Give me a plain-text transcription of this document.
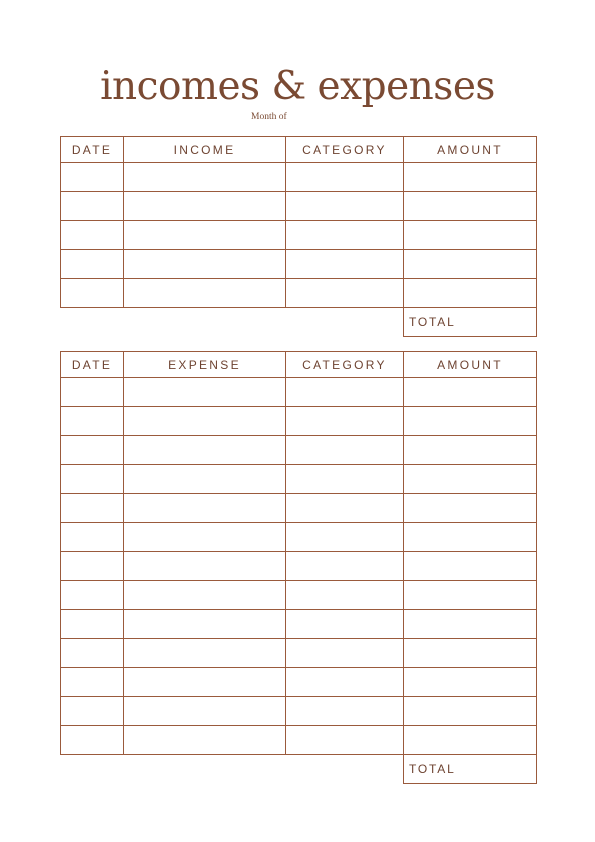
incomes & expenses
Month of
DATE	INCOME	CATEGORY	AMOUNT

			TOTAL
DATE	EXPENSE	CATEGORY	AMOUNT

			TOTAL
